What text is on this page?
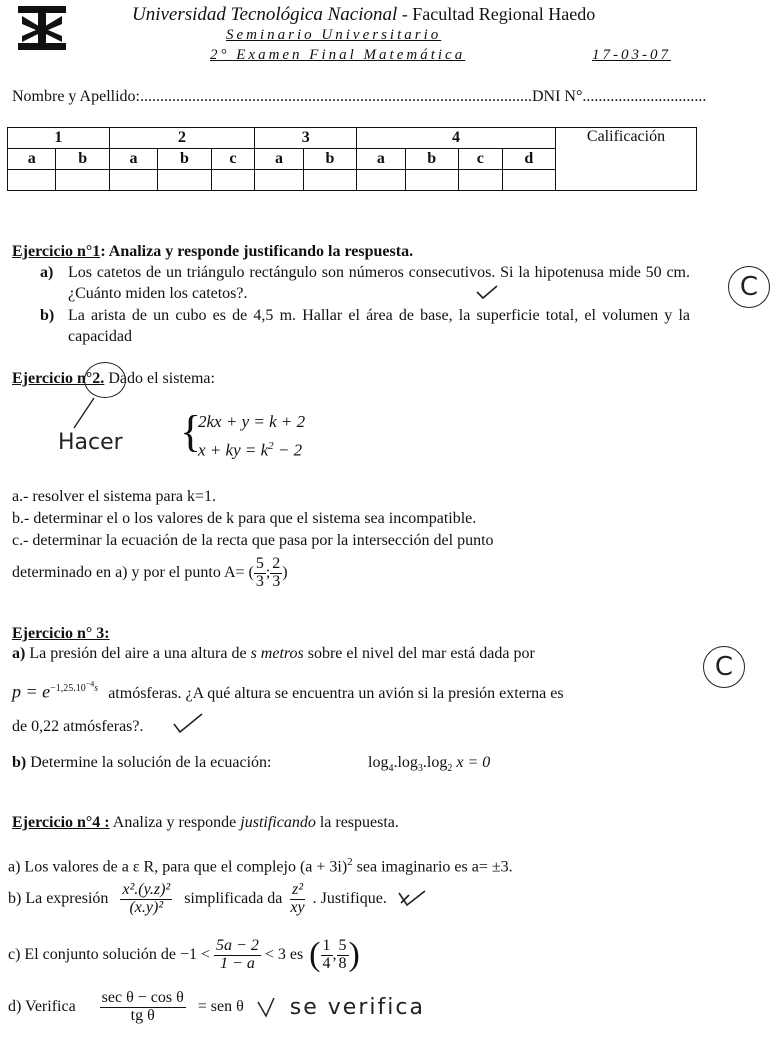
Universidad Tecnológica Nacional - Facultad Regional Haedo
Seminario Universitario
2° Examen Final Matemática	17-03-07
Nombre y Apellido:..................................................................................................DNI N°...............................
1		2			3		4				Calificación
a	b	a	b	c	a	b	a	b	c	d	

Ejercicio n°1: Analiza y responde justificando la respuesta.
a) Los catetos de un triángulo rectángulo son números consecutivos. Si la hipotenusa mide 50 cm.¿Cuánto miden los catetos?.
b) La arista de un cubo es de 4,5 m. Hallar el área de base, la superficie total, el volumen y la capacidad
C
Ejercicio n°2. Dado el sistema:
Hacer {
2kx + y = k + 2
x + ky = $k^2 - 2$
a.- resolver el sistema para k=1.
b.- determinar el o los valores de k para que el sistema sea incompatible.
c.- determinar la ecuación de la recta que pasa por la intersección del punto
determinado en a) y por el punto A= ( $\frac{5}{3}$ ; $\frac{2}{3}$ )
Ejercicio n° 3:
a) La presión del aire a una altura de s metros sobre el nivel del mar está dada por
$p = e^{-1,25.10^{-4}s}$ atmósferas. ¿A qué altura se encuentra un avión si la presión externa es
de 0,22 atmósferas?.
C
b) Determine la solución de la ecuación:	$\log_4.\log_3.\log_2$ x = 0
Ejercicio n°4 : Analiza y responde justificando la respuesta.
a) Los valores de a ε R, para que el complejo $(a + 3i)^2$ sea imaginario es a= ±3.
b) La expresión $\frac{\text{x².(y.z)²}}{\text{(x.y)²}}$ simplificada da $\frac{\text{z²}}{xy}$ . Justifique.
c) El conjunto solución de $-1 < \frac{5a - 2}{1 - a} < 3$ es ( $\frac{1}{4}$ , $\frac{5}{8}$ )
d) Verifica $\frac{\text{sec θ − cos θ}}{\text{tg θ}}$ = sen θ se verifica
